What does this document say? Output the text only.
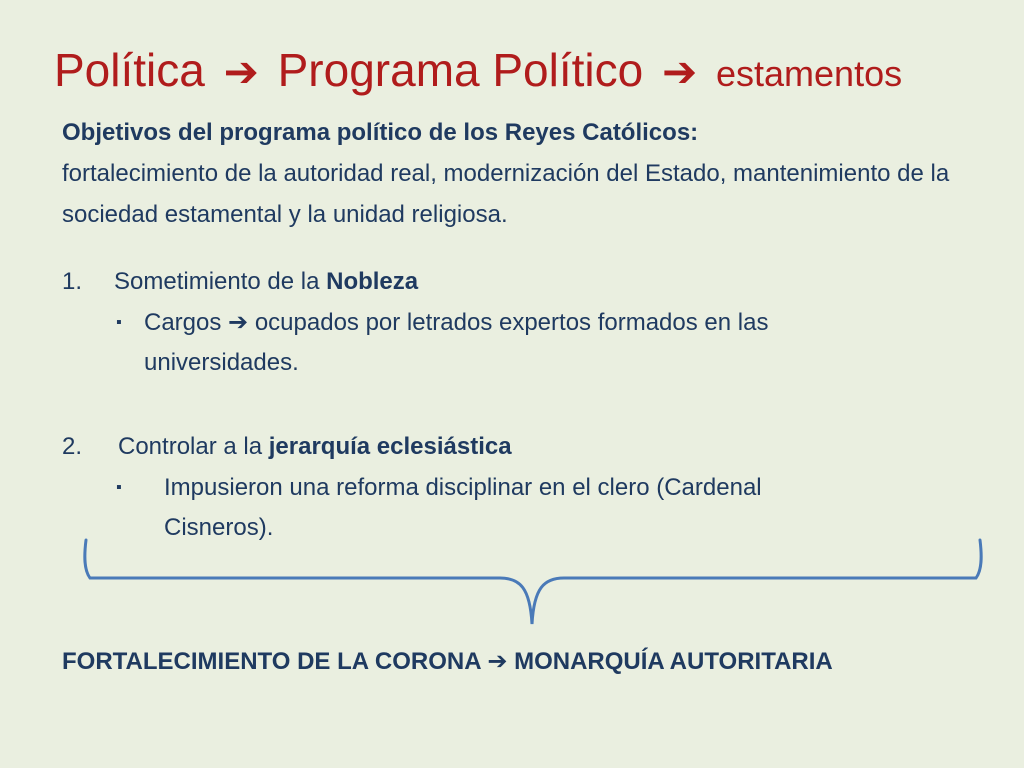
Política ➔ Programa Político ➔ estamentos
Objetivos del programa político de los Reyes Católicos:
fortalecimiento de la autoridad real, modernización del Estado, mantenimiento de la sociedad estamental y la unidad religiosa.
1. Sometimiento de la Nobleza
▪ Cargos ➔ ocupados por letrados expertos formados en las
universidades.
2. Controlar a la jerarquía eclesiástica
▪ Impusieron una reforma disciplinar en el clero (Cardenal
Cisneros).
FORTALECIMIENTO DE LA CORONA ➔ MONARQUÍA AUTORITARIA
